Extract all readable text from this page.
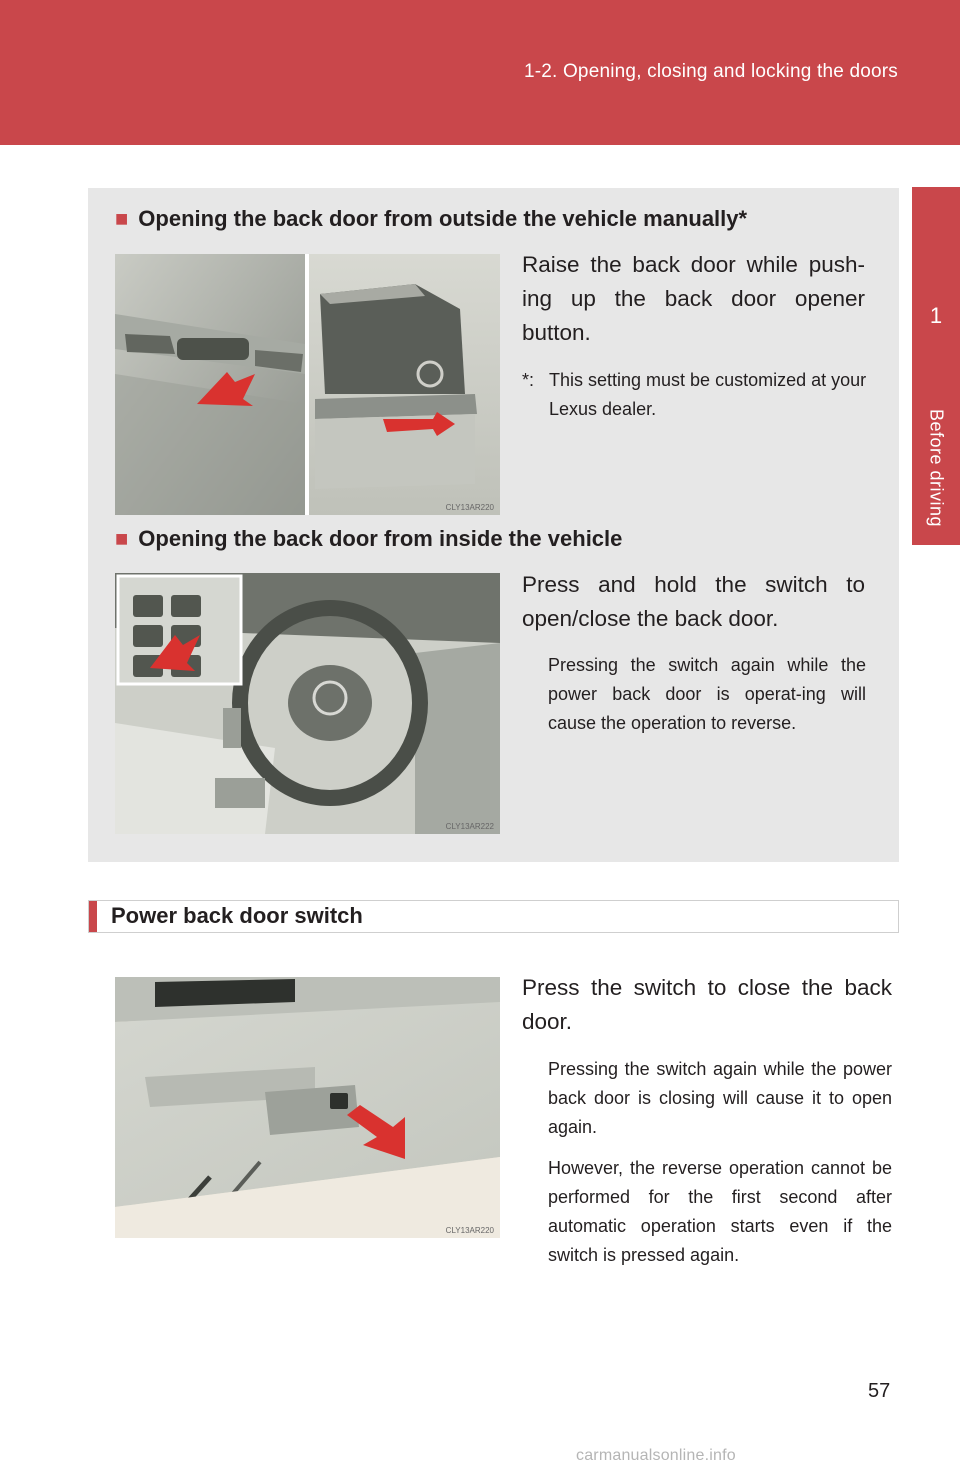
1-2. Opening, closing and locking the doors
1
Before driving
■ Opening the back door from outside the vehicle manually*
CLY13AR220
Raise the back door while push-ing up the back door opener button.
*: This setting must be customized at your Lexus dealer.
■ Opening the back door from inside the vehicle
CLY13AR222
Press and hold the switch to open/close the back door.
Pressing the switch again while the power back door is operat-ing will cause the operation to reverse.
Power back door switch
CLY13AR220
Press the switch to close the back door.
Pressing the switch again while the power back door is closing will cause it to open again.
However, the reverse operation cannot be performed for the first second after automatic operation starts even if the switch is pressed again.
57
carmanualsonline.info
